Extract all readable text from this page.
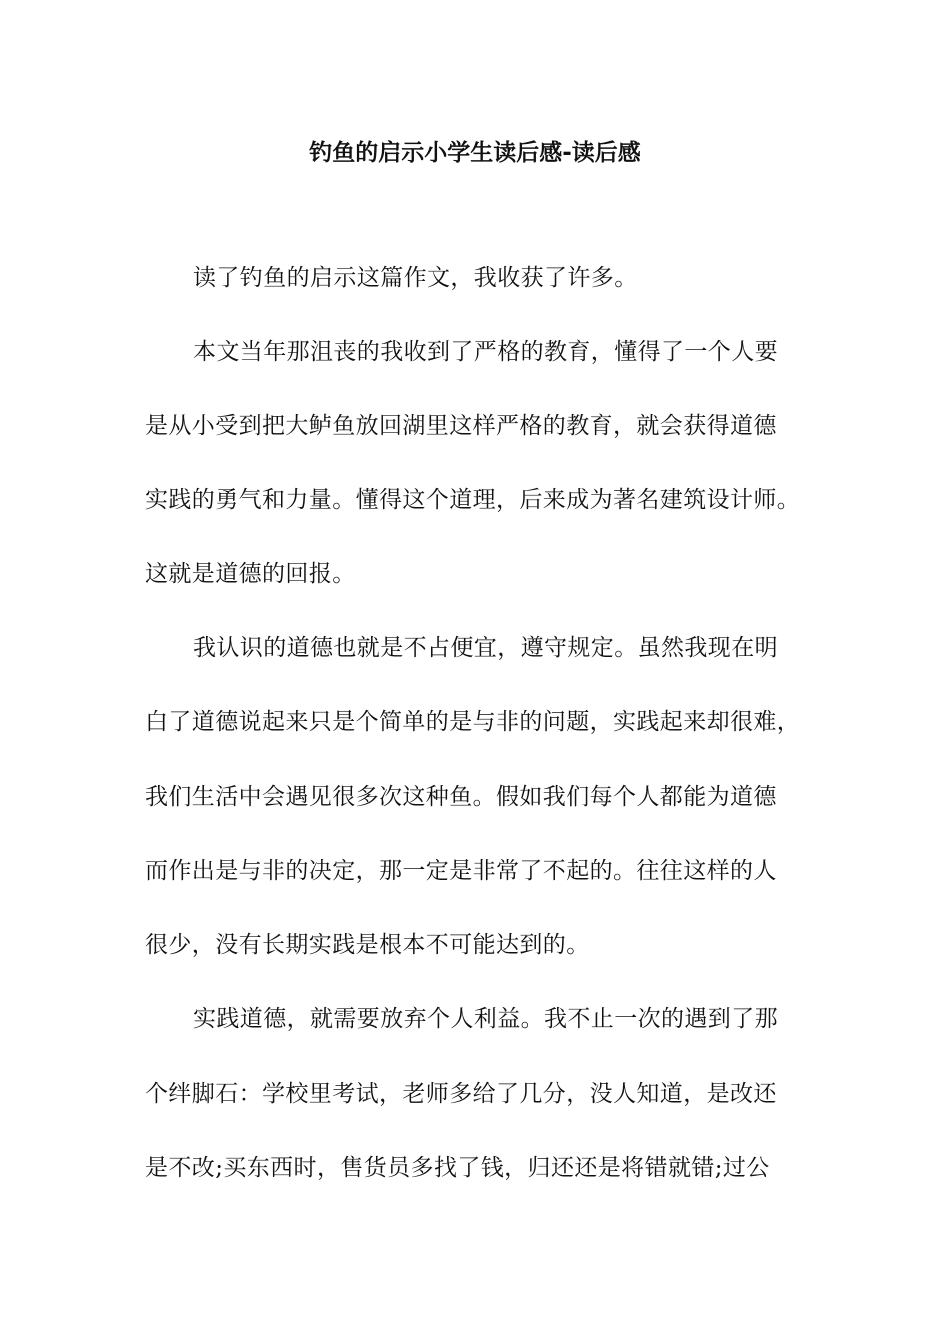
钓鱼的启示小学生读后感-读后感
读了钓鱼的启示这篇作文，我收获了许多。
本文当年那沮丧的我收到了严格的教育，懂得了一个人要
是从小受到把大鲈鱼放回湖里这样严格的教育，就会获得道德
实践的勇气和力量。懂得这个道理，后来成为著名建筑设计师。
这就是道德的回报。
我认识的道德也就是不占便宜，遵守规定。虽然我现在明
白了道德说起来只是个简单的是与非的问题，实践起来却很难，
我们生活中会遇见很多次这种鱼。假如我们每个人都能为道德
而作出是与非的决定，那一定是非常了不起的。往往这样的人
很少，没有长期实践是根本不可能达到的。
实践道德，就需要放弃个人利益。我不止一次的遇到了那
个绊脚石：学校里考试，老师多给了几分，没人知道，是改还
是不改;买东西时，售货员多找了钱，归还还是将错就错;过公
